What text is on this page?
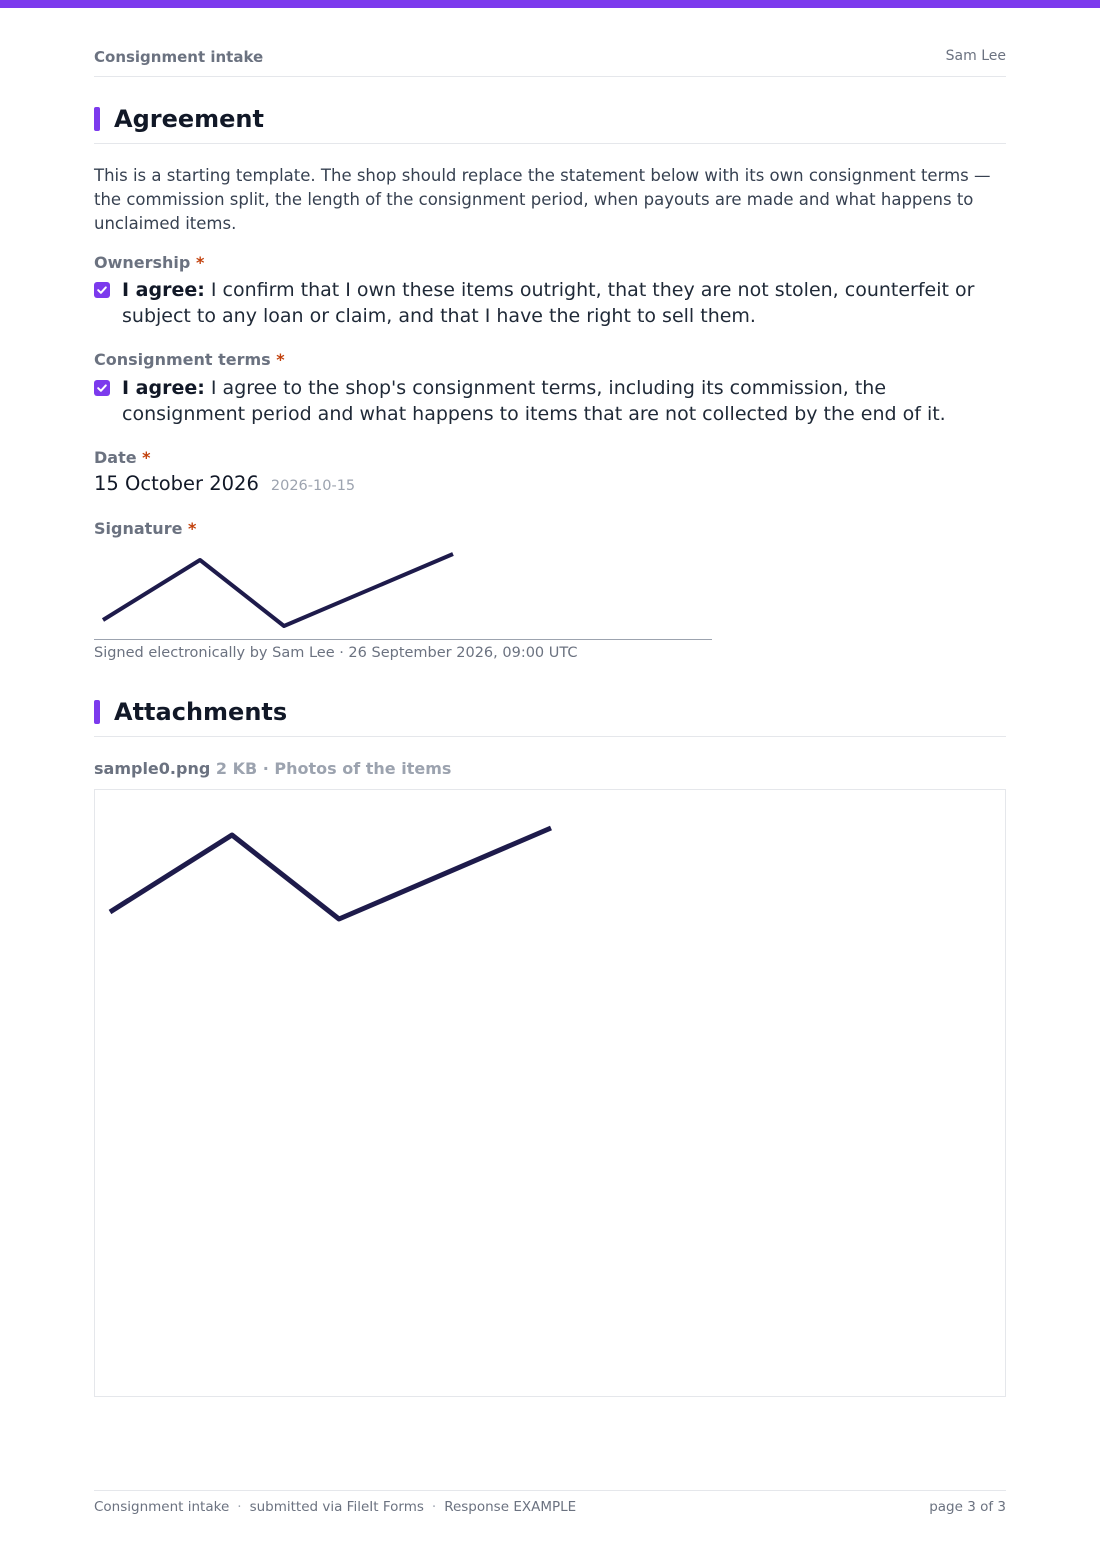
Consignment intake	Sam Lee
Agreement

This is a starting template. The shop should replace the statement below with its own consignment terms — the commission split, the length of the consignment period, when payouts are made and what happens to unclaimed items.

Ownership *
I agree: I confirm that I own these items outright, that they are not stolen, counterfeit or subject to any loan or claim, and that I have the right to sell them.
Consignment terms *
I agree: I agree to the shop's consignment terms, including its commission, the consignment period and what happens to items that are not collected by the end of it.
Date *
15 October 2026 2026-10-15
Signature *
Signed electronically by Sam Lee · 26 September 2026, 09:00 UTC
Attachments
sample0.png 2 KB · Photos of the items
Consignment intake · submitted via FileIt Forms · Response EXAMPLE	page 3 of 3
